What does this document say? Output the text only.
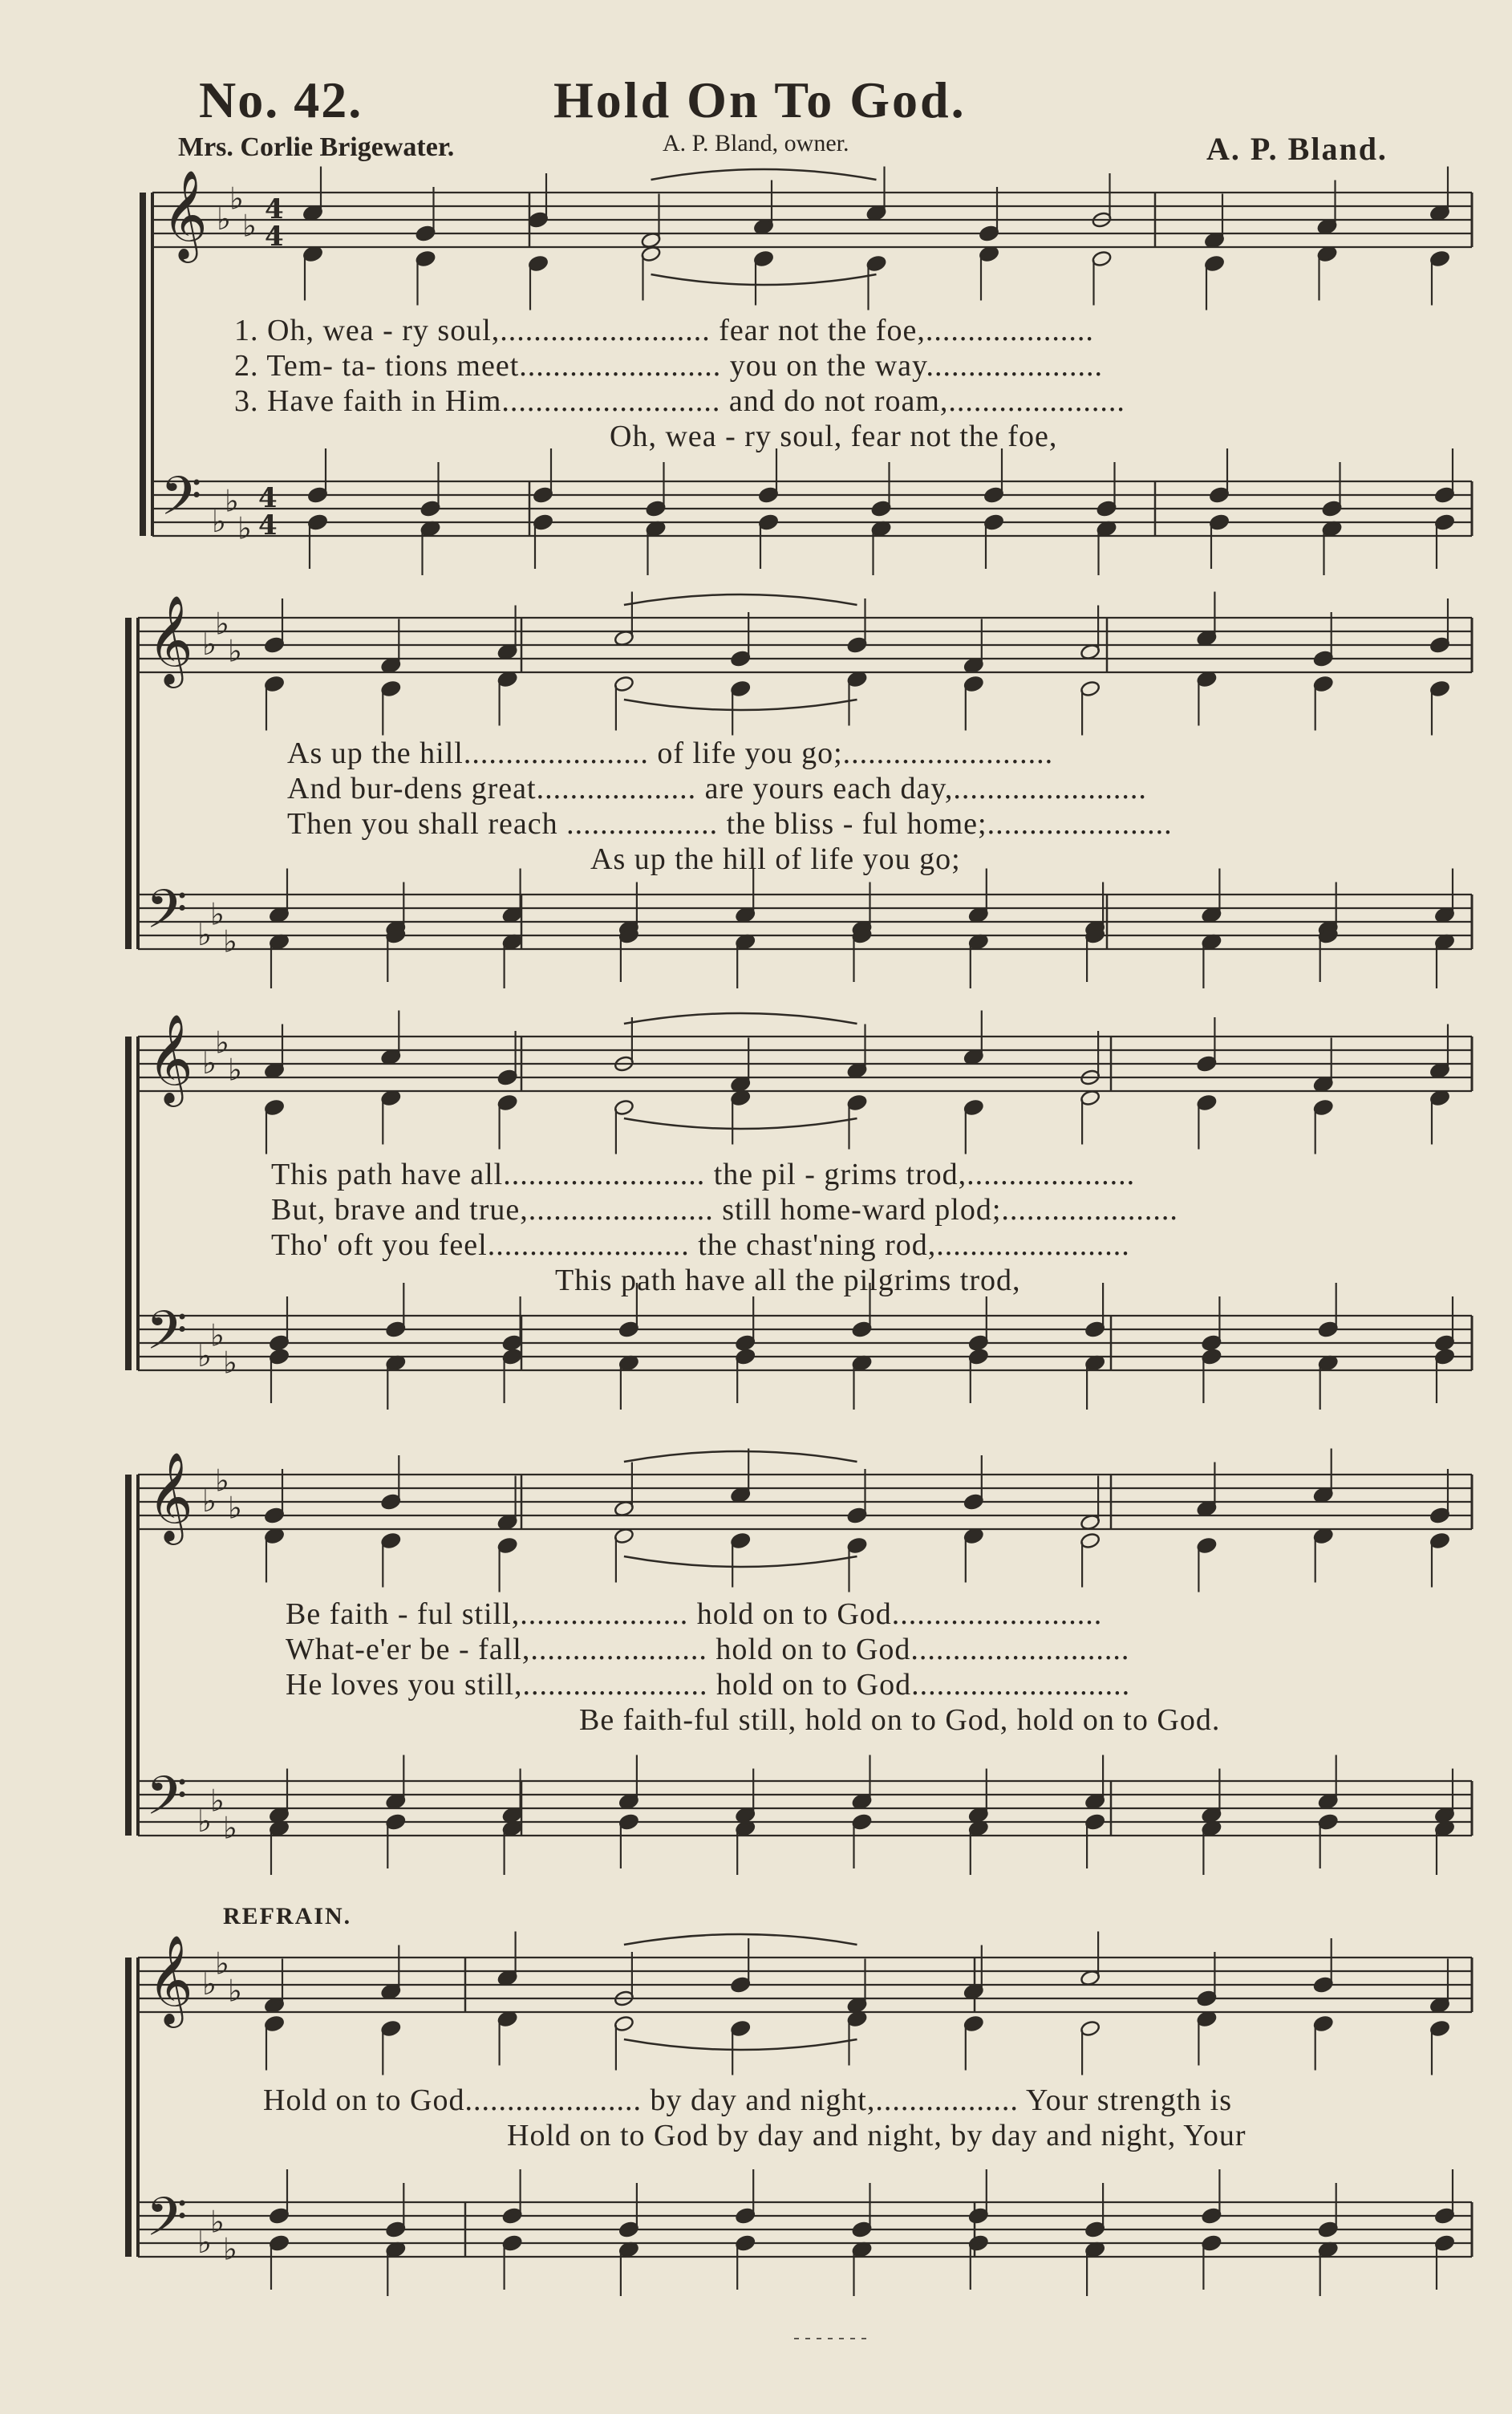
No. 42.	Hold On To God.
Mrs. Corlie Brigewater.	A. P. Bland, owner.	A. P. Bland.
𝄞
𝄢
♭
♭
♭
♭
♭
♭
4
4
4
4
𝄞
𝄢
♭
♭
♭
♭
♭
♭
𝄞
𝄢
♭
♭
♭
♭
♭
♭
𝄞
𝄢
♭
♭
♭
♭
♭
♭
𝄞
𝄢
♭
♭
♭
♭
♭
♭
1. Oh, wea - ry soul,......................... fear not the foe,....................
2. Tem- ta- tions meet........................ you on the way.....................
3. Have faith in Him.......................... and do not roam,.....................
Oh, wea - ry soul, fear not the foe,
As up the hill...................... of life you go;.........................
And bur-dens great................... are yours each day,.......................
Then you shall reach .................. the bliss - ful home;......................
As up the hill of life you go;
This path have all........................ the pil - grims trod,....................
But, brave and true,...................... still home-ward plod;.....................
Tho' oft you feel........................ the chast'ning rod,.......................
This path have all the pilgrims trod,
Be faith - ful still,.................... hold on to God.........................
What-e'er be - fall,..................... hold on to God..........................
He loves you still,...................... hold on to God..........................
Be faith-ful still, hold on to God, hold on to God.
REFRAIN.
Hold on to God..................... by day and night,................. Your strength is
Hold on to God by day and night, by day and night, Your
